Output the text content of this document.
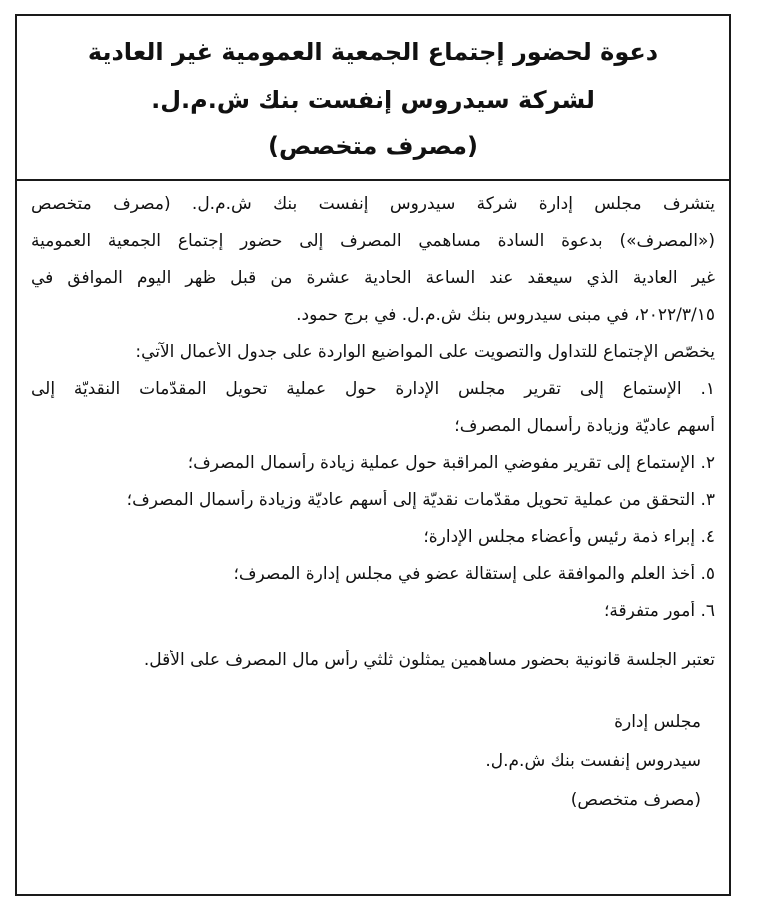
دعوة لحضور إجتماع الجمعية العمومية غير العادية
لشركة سيدروس إنفست بنك ش.م.ل.
(مصرف متخصص)
يتشرف مجلس إدارة شركة سيدروس إنفست بنك ش.م.ل. (مصرف متخصص
(«المصرف») بدعوة السادة مساهمي المصرف إلى حضور إجتماع الجمعية العمومية
غير العادية الذي سيعقد عند الساعة الحادية عشرة من قبل ظهر اليوم الموافق في
٢٠٢٢/٣/١٥، في مبنى سيدروس بنك ش.م.ل. في برج حمود.
يخصّص الإجتماع للتداول والتصويت على المواضيع الواردة على جدول الأعمال الآتي:
١. الإستماع إلى تقرير مجلس الإدارة حول عملية تحويل المقدّمات النقديّة إلى
أسهم عاديّة وزيادة رأسمال المصرف؛
٢. الإستماع إلى تقرير مفوضي المراقبة حول عملية زيادة رأسمال المصرف؛
٣. التحقق من عملية تحويل مقدّمات نقديّة إلى أسهم عاديّة وزيادة رأسمال المصرف؛
٤. إبراء ذمة رئيس وأعضاء مجلس الإدارة؛
٥. أخذ العلم والموافقة على إستقالة عضو في مجلس إدارة المصرف؛
٦. أمور متفرقة؛
تعتبر الجلسة قانونية بحضور مساهمين يمثلون ثلثي رأس مال المصرف على الأقل.
مجلس إدارة
سيدروس إنفست بنك ش.م.ل.
(مصرف متخصص)
